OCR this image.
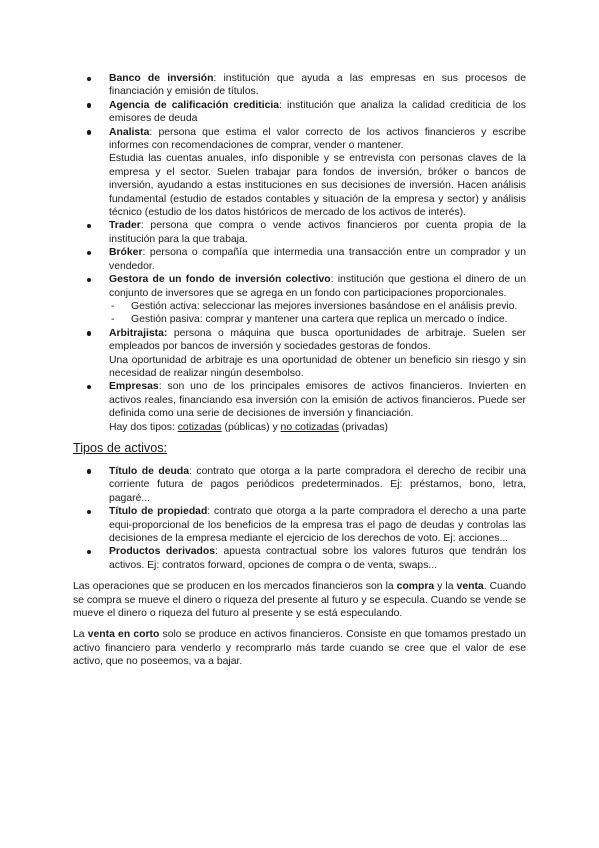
Banco de inversión: institución que ayuda a las empresas en sus procesos de financiación y emisión de títulos.
Agencia de calificación crediticia: institución que analiza la calidad crediticia de los emisores de deuda
Analista: persona que estima el valor correcto de los activos financieros y escribe informes con recomendaciones de comprar, vender o mantener.

Estudia las cuentas anuales, info disponible y se entrevista con personas claves de la empresa y el sector. Suelen trabajar para fondos de inversión, bróker o bancos de inversión, ayudando a estas instituciones en sus decisiones de inversión. Hacen análisis fundamental (estudio de estados contables y situación de la empresa y sector) y análisis técnico (estudio de los datos históricos de mercado de los activos de interés).

Trader: persona que compra o vende activos financieros por cuenta propia de la institución para la que trabaja.
Bróker: persona o compañía que intermedia una transacción entre un comprador y un vendedor.
Gestora de un fondo de inversión colectivo: institución que gestiona el dinero de un conjunto de inversores que se agrega en un fondo con participaciones proporcionales.
- Gestión activa: seleccionar las mejores inversiones basándose en el análisis previo.
- Gestión pasiva: comprar y mantener una cartera que replica un mercado o índice.
Arbitrajista: persona o máquina que busca oportunidades de arbitraje. Suelen ser empleados por bancos de inversión y sociedades gestoras de fondos.

Una oportunidad de arbitraje es una oportunidad de obtener un beneficio sin riesgo y sin necesidad de realizar ningún desembolso.

Empresas: son uno de los principales emisores de activos financieros. Invierten en activos reales, financiando esa inversión con la emisión de activos financieros. Puede ser definida como una serie de decisiones de inversión y financiación.

Hay dos tipos: cotizadas (públicas) y no cotizadas (privadas)

Tipos de activos:

Título de deuda: contrato que otorga a la parte compradora el derecho de recibir una corriente futura de pagos periódicos predeterminados. Ej: préstamos, bono, letra, pagaré...
Título de propiedad: contrato que otorga a la parte compradora el derecho a una parte equi-proporcional de los beneficios de la empresa tras el pago de deudas y controlas las decisiones de la empresa mediante el ejercicio de los derechos de voto. Ej: acciones...
Productos derivados: apuesta contractual sobre los valores futuros que tendrán los activos. Ej: contratos forward, opciones de compra o de venta, swaps...

Las operaciones que se producen en los mercados financieros son la compra y la venta. Cuando se compra se mueve el dinero o riqueza del presente al futuro y se especula. Cuando se vende se mueve el dinero o riqueza del futuro al presente y se está especulando.

La venta en corto solo se produce en activos financieros. Consiste en que tomamos prestado un activo financiero para venderlo y recomprarlo más tarde cuando se cree que el valor de ese activo, que no poseemos, va a bajar.
